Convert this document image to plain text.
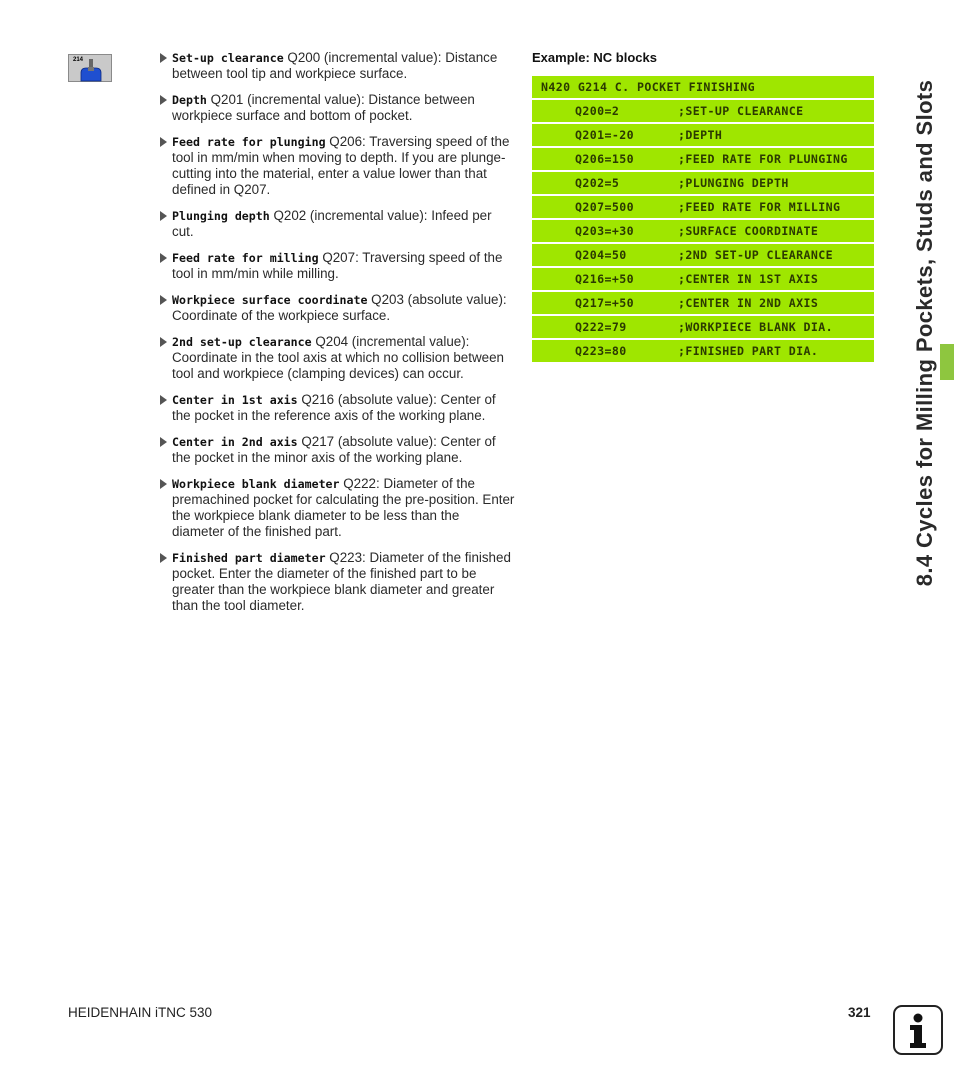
214	Set-up clearance Q200 (incremental value): Distance between tool tip and workpiece surface.
Depth Q201 (incremental value): Distance between workpiece surface and bottom of pocket.
Feed rate for plunging Q206: Traversing speed of the tool in mm/min when moving to depth. If you are plunge-cutting into the material, enter a value lower than that defined in Q207.
Plunging depth Q202 (incremental value): Infeed per cut.
Feed rate for milling Q207: Traversing speed of the tool in mm/min while milling.
Workpiece surface coordinate Q203 (absolute value): Coordinate of the workpiece surface.
2nd set-up clearance Q204 (incremental value): Coordinate in the tool axis at which no collision between tool and workpiece (clamping devices) can occur.
Center in 1st axis Q216 (absolute value): Center of the pocket in the reference axis of the working plane.
Center in 2nd axis Q217 (absolute value): Center of the pocket in the minor axis of the working plane.
Workpiece blank diameter Q222: Diameter of the premachined pocket for calculating the pre-position. Enter the workpiece blank diameter to be less than the diameter of the finished part.
Finished part diameter Q223: Diameter of the finished pocket. Enter the diameter of the finished part to be greater than the workpiece blank diameter and greater than the tool diameter.
Example: NC blocks
N420 G214 C. POCKET FINISHING
Q200=2	;SET-UP CLEARANCE
Q201=-20	;DEPTH
Q206=150	;FEED RATE FOR PLUNGING
Q202=5	;PLUNGING DEPTH
Q207=500	;FEED RATE FOR MILLING
Q203=+30	;SURFACE COORDINATE
Q204=50	;2ND SET-UP CLEARANCE
Q216=+50	;CENTER IN 1ST AXIS
Q217=+50	;CENTER IN 2ND AXIS
Q222=79	;WORKPIECE BLANK DIA.
Q223=80	;FINISHED PART DIA.	8.4 Cycles for Milling Pockets, Studs and Slots
HEIDENHAIN iTNC 530	321
